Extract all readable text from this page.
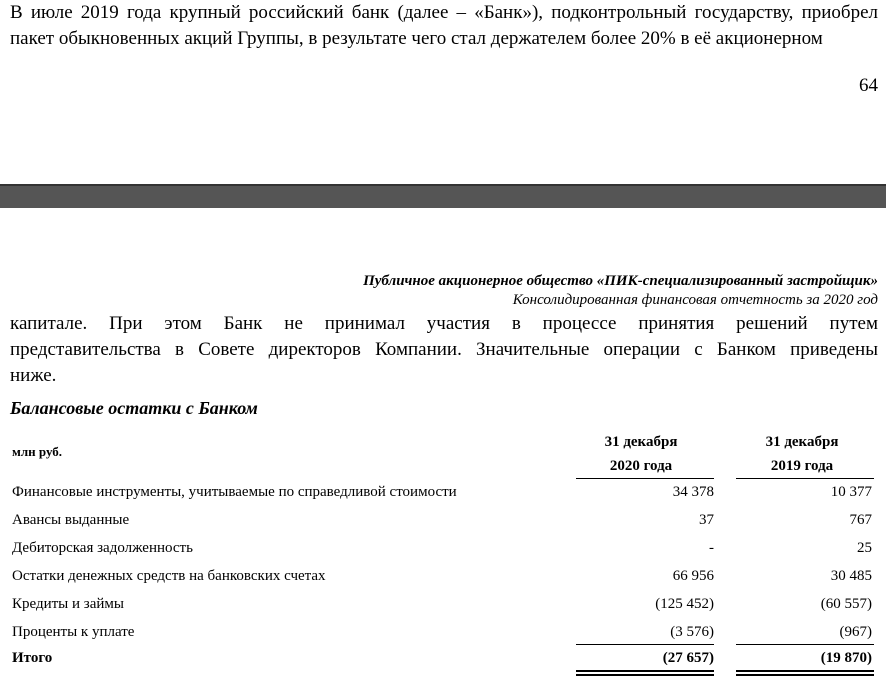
В июле 2019 года крупный российский банк (далее – «Банк»), подконтрольный государству, приобрел пакет обыкновенных акций Группы, в результате чего стал держателем более 20% в её акционерном
64
Публичное акционерное общество «ПИК-специализированный застройщик»
Консолидированная финансовая отчетность за 2020 год
капитале. При этом Банк не принимал участия в процессе принятия решений путем
представительства в Совете директоров Компании. Значительные операции с Банком приведены
ниже.
Балансовые остатки с Банком
млн руб.
31 декабря
2020 года
31 декабря
2019 года
Финансовые инструменты, учитываемые по справедливой стоимости	34 378	10 377
Авансы выданные	37	767
Дебиторская задолженность	-	25
Остатки денежных средств на банковских счетах	66 956	30 485
Кредиты и займы	(125 452)	(60 557)
Проценты к уплате	(3 576)	(967)
Итого	(27 657)	(19 870)
